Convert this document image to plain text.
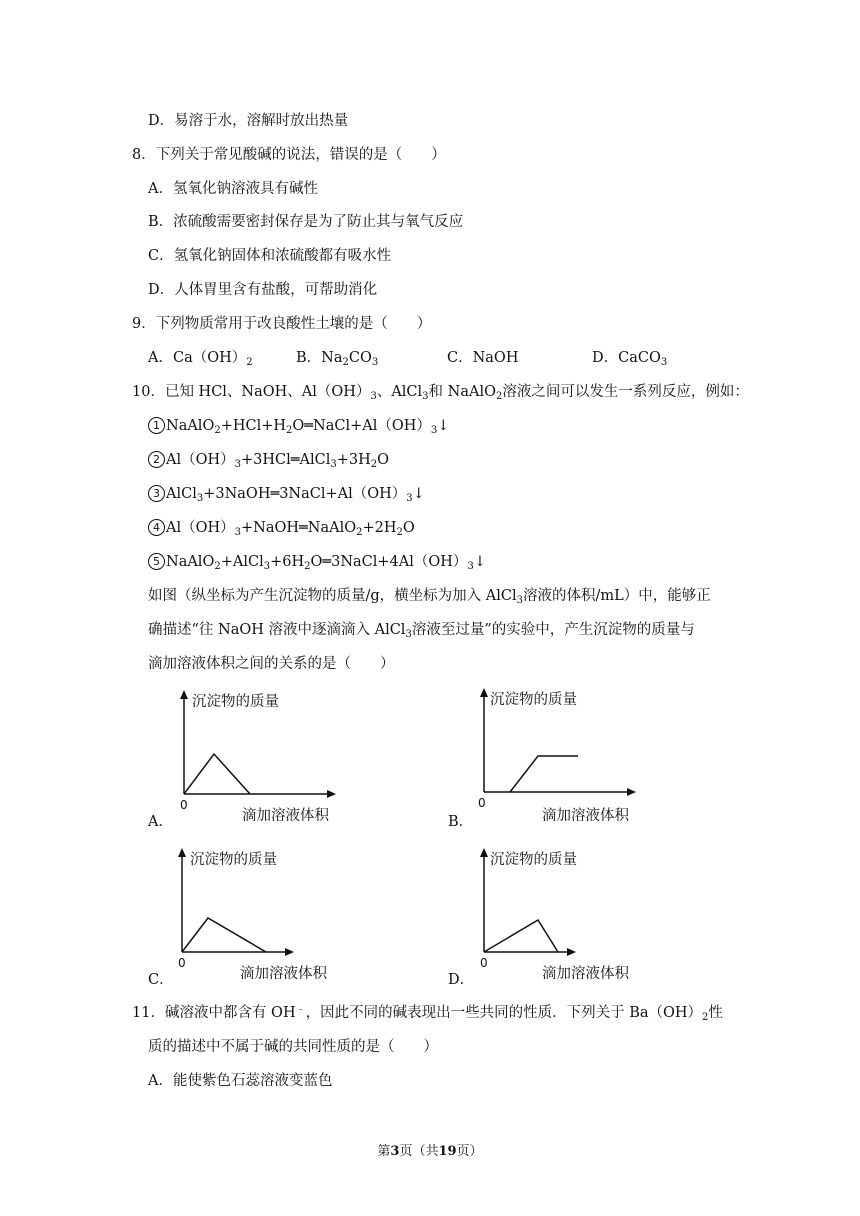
D．易溶于水，溶解时放出热量
8．下列关于常见酸碱的说法，错误的是（　　）
A．氢氧化钠溶液具有碱性
B．浓硫酸需要密封保存是为了防止其与氧气反应
C．氢氧化钠固体和浓硫酸都有吸水性
D．人体胃里含有盐酸，可帮助消化
9．下列物质常用于改良酸性土壤的是（　　）
A．$Ca(OH)_2$	B．$Na_2CO_3$	C．NaOH	D．CaCO$_3$
10．已知 HCl、NaOH、$Al(OH)_3$、AlCl$_3$和 NaAlO$_2$溶液之间可以发生一系列反应，例如：
1 $NaAlO_2+HCl+H_2O═NaCl+Al(OH)_3↓$
2 $Al(OH)_3+3HCl═AlCl_3+3H_2O$
3 $AlCl_3+3NaOH═3NaCl+Al(OH)_3↓$
4 $Al(OH)_3+NaOH═NaAlO_2+2H_2O$
5 $NaAlO_2+AlCl_3+6H_2O═3NaCl+4Al(OH)_3↓$
如图（纵坐标为产生沉淀物的质量/g，横坐标为加入 AlCl$_3$溶液的体积/mL）中，能够正
确描述“往 NaOH 溶液中逐滴滴入 AlCl$_3$溶液至过量”的实验中，产生沉淀物的质量与
滴加溶液体积之间的关系的是（　　）
A．
沉淀物的质量
0
滴加溶液体积	B．
沉淀物的质量
0
滴加溶液体积
C．
沉淀物的质量
0
滴加溶液体积	D．
沉淀物的质量
0
滴加溶液体积
11．碱溶液中都含有 OH﹣，因此不同的碱表现出一些共同的性质．下列关于 $Ba(OH)_2$性
质的描述中不属于碱的共同性质的是（　　）
A．能使紫色石蕊溶液变蓝色
第3页（共19页）
